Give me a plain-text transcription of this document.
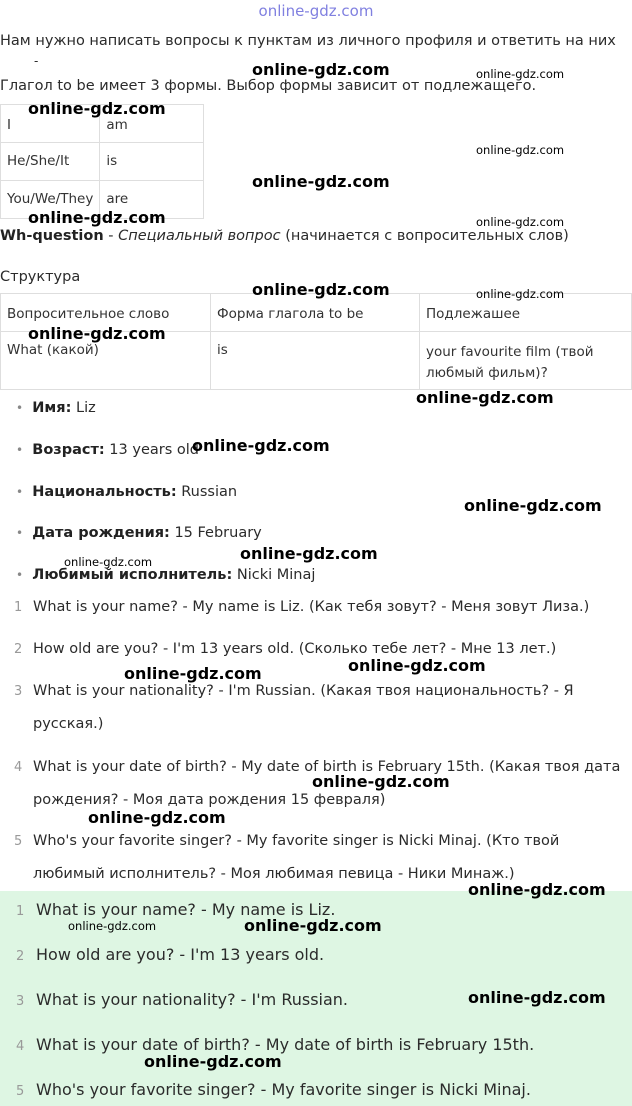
online-gdz.com
Нам нужно написать вопросы к пунктам из личного профиля и ответить на них
-
Глагол to be имеет 3 формы. Выбор формы зависит от подлежащего.
I	am
He/She/It	is
You/We/They	are
Wh-question - Специальный вопрос (начинается с вопросительных слов)
Структура
Вопросительное слово	Форма глагола to be	Подлежашее
What (какой)	is	your favourite film (твой
любмый фильм)?
• Имя: Liz
• Возраст: 13 years old
• Национальность: Russian
• Дата рождения: 15 February
• Любимый исполнитель: Nicki Minaj
1 What is your name? - My name is Liz. (Как тебя зовут? - Меня зовут Лиза.)
2 How old are you? - I'm 13 years old. (Сколько тебе лет? - Мне 13 лет.)
3 What is your nationality? - I'm Russian. (Какая твоя национальность? - Я
русская.)
4 What is your date of birth? - My date of birth is February 15th. (Какая твоя дата
рождения? - Моя дата рождения 15 февраля)
5 Who's your favorite singer? - My favorite singer is Nicki Minaj. (Кто твой
любимый исполнитель? - Моя любимая певица - Ники Минаж.)
1 What is your name? - My name is Liz.
2 How old are you? - I'm 13 years old.
3 What is your nationality? - I'm Russian.
4 What is your date of birth? - My date of birth is February 15th.
5 Who's your favorite singer? - My favorite singer is Nicki Minaj.
online-gdz.com	online-gdz.com
online-gdz.com
online-gdz.com
online-gdz.com
online-gdz.com	online-gdz.com
online-gdz.com	online-gdz.com
online-gdz.com
online-gdz.com
online-gdz.com
online-gdz.com
online-gdz.com
online-gdz.com
online-gdz.com	online-gdz.com
online-gdz.com
online-gdz.com
online-gdz.com
online-gdz.com
online-gdz.com
online-gdz.com
online-gdz.com
